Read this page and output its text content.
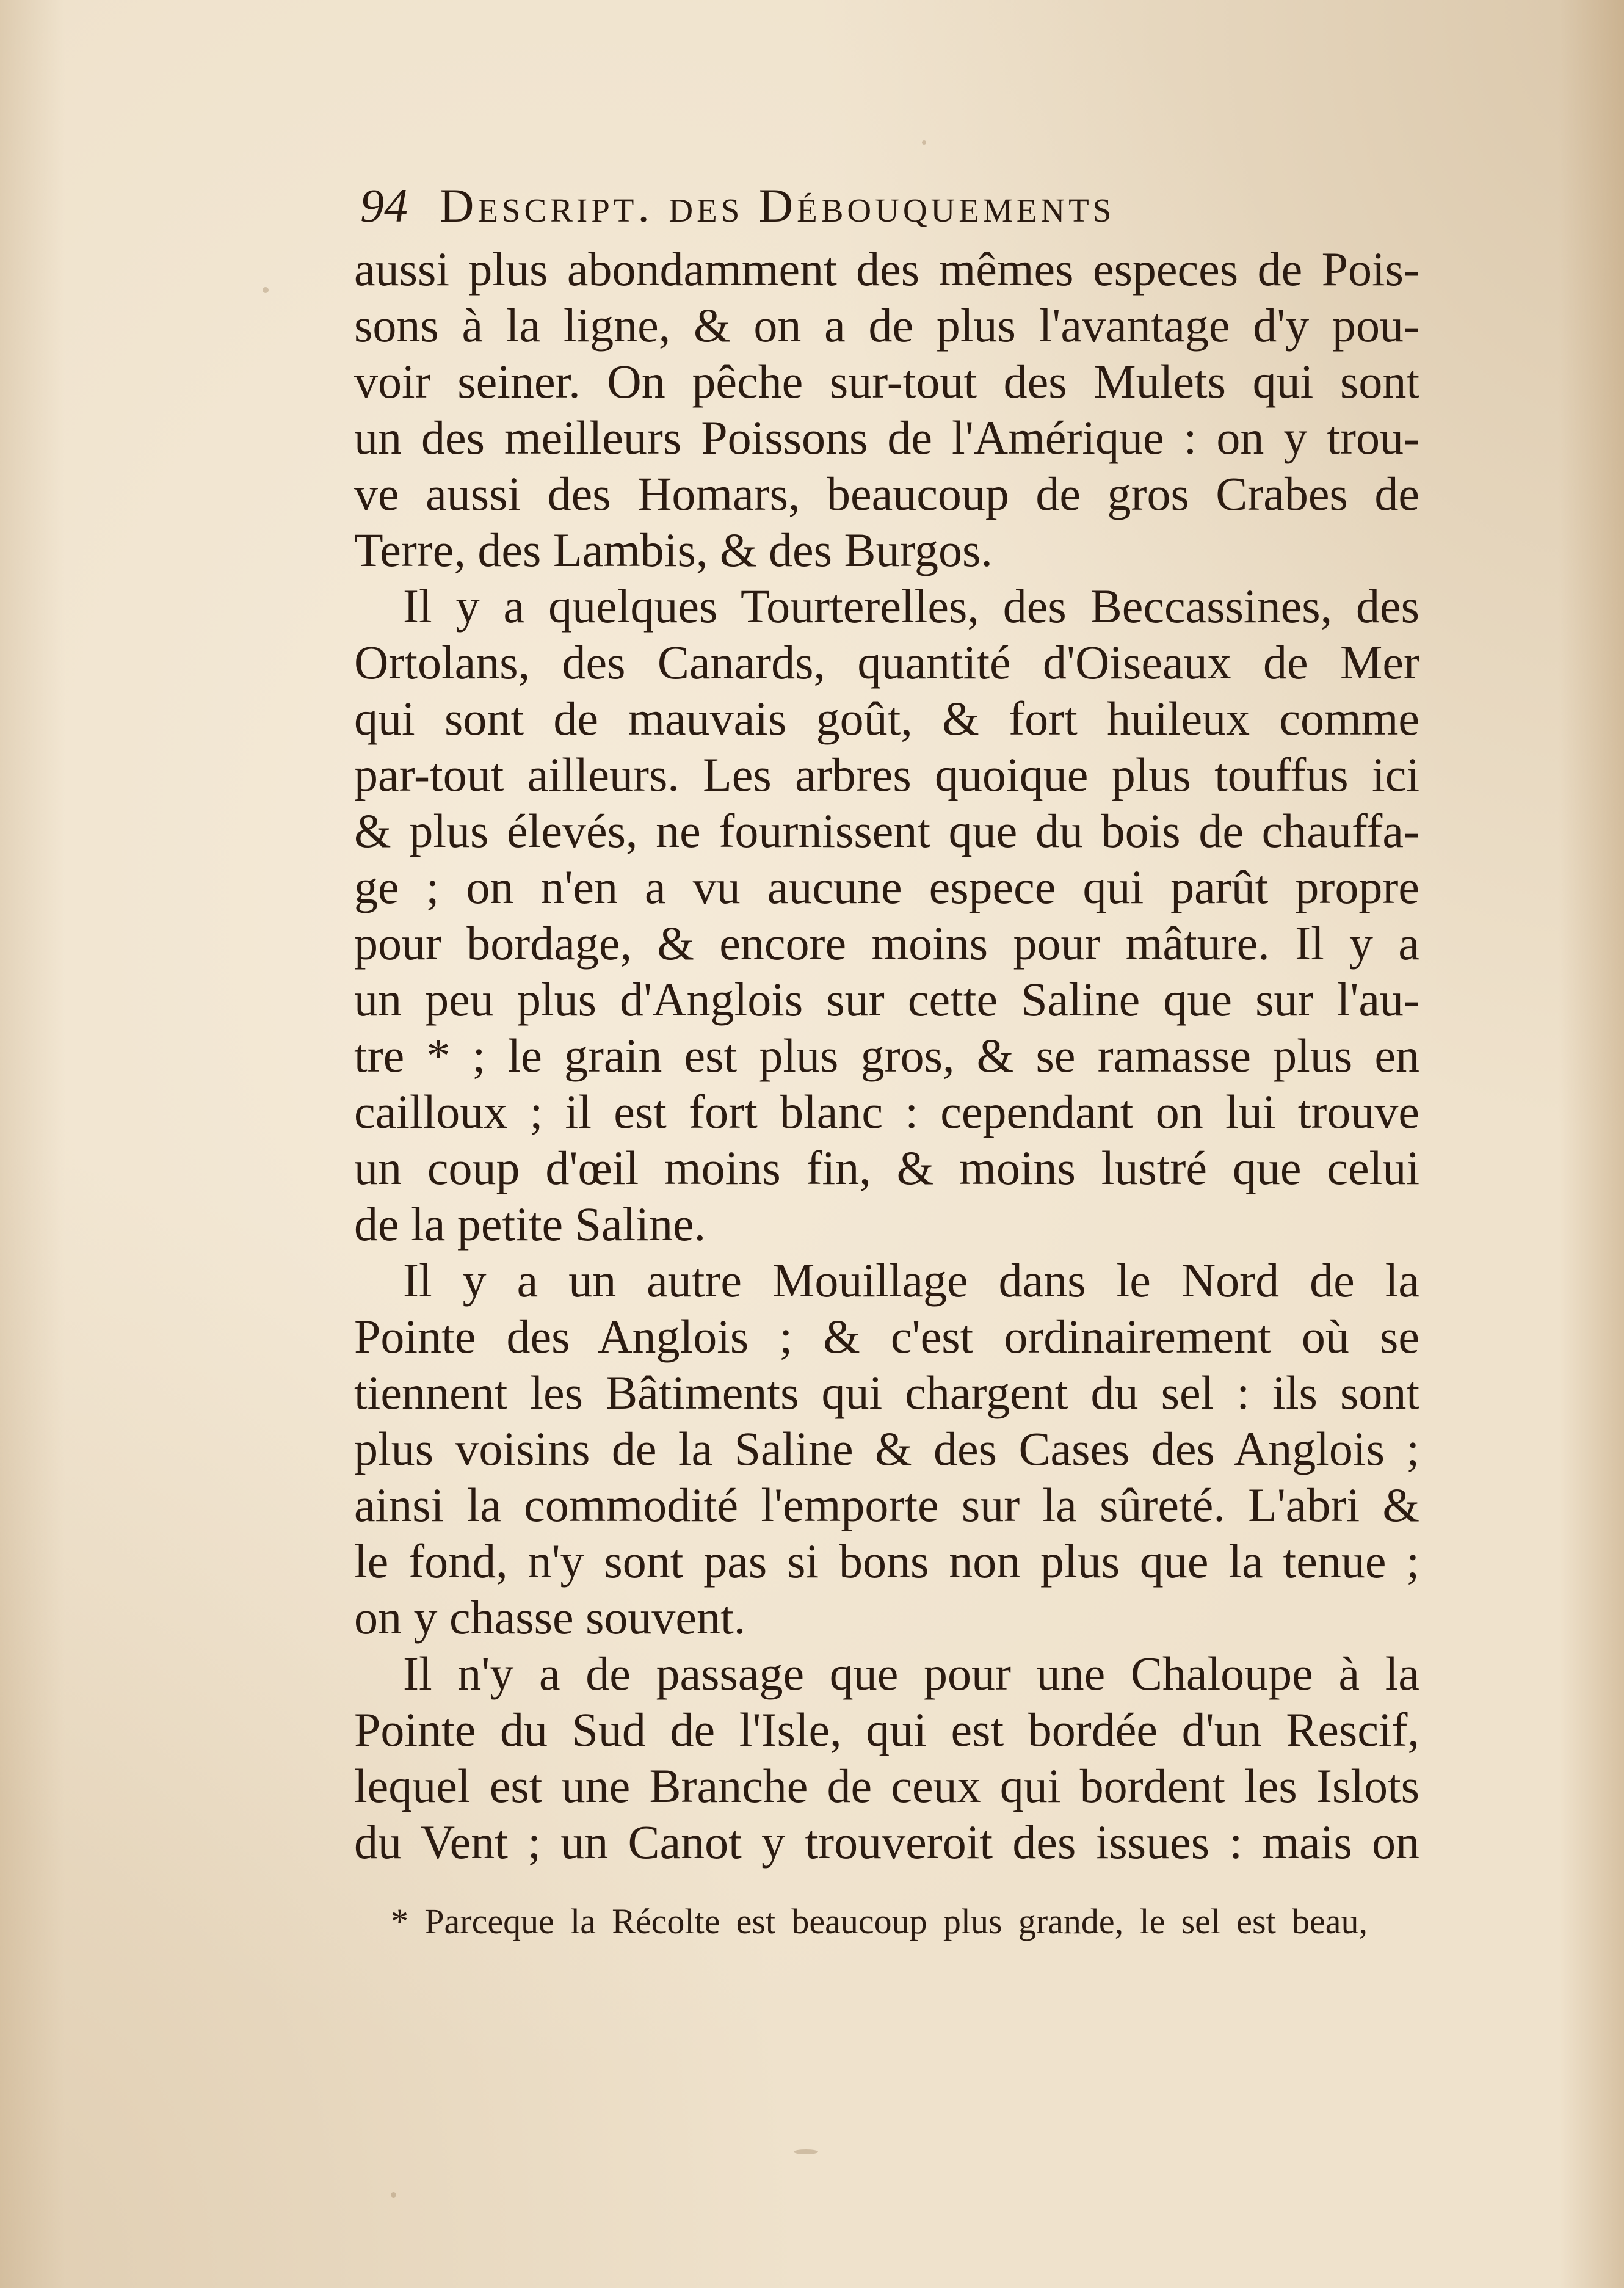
94 Descript. des Débouquements
aussi plus abondamment des mêmes especes de Pois-
sons à la ligne, & on a de plus l'avantage d'y pou-
voir seiner. On pêche sur-tout des Mulets qui sont
un des meilleurs Poissons de l'Amérique : on y trou-
ve aussi des Homars, beaucoup de gros Crabes de
Terre, des Lambis, & des Burgos.
Il y a quelques Tourterelles, des Beccassines, des
Ortolans, des Canards, quantité d'Oiseaux de Mer
qui sont de mauvais goût, & fort huileux comme
par-tout ailleurs. Les arbres quoique plus touffus ici
& plus élevés, ne fournissent que du bois de chauffa-
ge ; on n'en a vu aucune espece qui parût propre
pour bordage, & encore moins pour mâture. Il y a
un peu plus d'Anglois sur cette Saline que sur l'au-
tre * ; le grain est plus gros, & se ramasse plus en
cailloux ; il est fort blanc : cependant on lui trouve
un coup d'œil moins fin, & moins lustré que celui
de la petite Saline.
Il y a un autre Mouillage dans le Nord de la
Pointe des Anglois ; & c'est ordinairement où se
tiennent les Bâtiments qui chargent du sel : ils sont
plus voisins de la Saline & des Cases des Anglois ;
ainsi la commodité l'emporte sur la sûreté. L'abri &
le fond, n'y sont pas si bons non plus que la tenue ;
on y chasse souvent.
Il n'y a de passage que pour une Chaloupe à la
Pointe du Sud de l'Isle, qui est bordée d'un Rescif,
lequel est une Branche de ceux qui bordent les Islots
du Vent ; un Canot y trouveroit des issues : mais on
* Parceque la Récolte est beaucoup plus grande, le sel est beau,
